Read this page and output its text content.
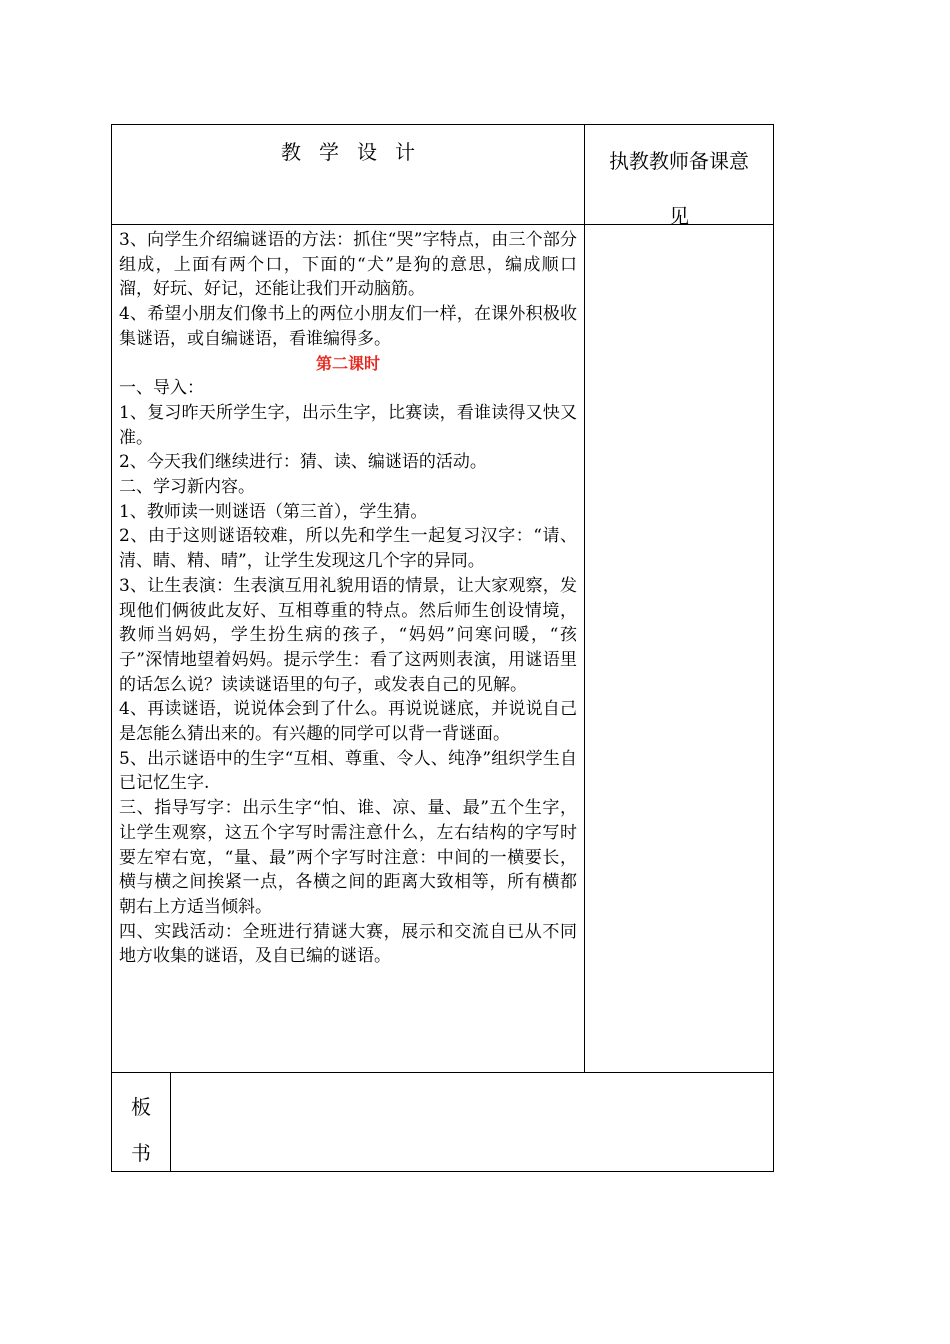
教 学 设 计	执教教师备课意
见

3、向学生介绍编谜语的方法：抓住“哭”字特点，由三个部分组成，上面有两个口，下面的“犬”是狗的意思，编成顺口溜，好玩、好记，还能让我们开动脑筋。

4、希望小朋友们像书上的两位小朋友们一样，在课外积极收集谜语，或自编谜语，看谁编得多。

第二课时

一、导入：

1、复习昨天所学生字，出示生字，比赛读，看谁读得又快又准。

2、今天我们继续进行：猜、读、编谜语的活动。

二、学习新内容。

1、教师读一则谜语（第三首），学生猜。

2、由于这则谜语较难，所以先和学生一起复习汉字：“请、清、睛、精、晴”，让学生发现这几个字的异同。

3、让生表演：生表演互用礼貌用语的情景，让大家观察，发现他们俩彼此友好、互相尊重的特点。然后师生创设情境，教师当妈妈，学生扮生病的孩子，“妈妈”问寒问暖，“孩子”深情地望着妈妈。提示学生：看了这两则表演，用谜语里的话怎么说？读读谜语里的句子，或发表自己的见解。

4、再读谜语，说说体会到了什么。再说说谜底，并说说自己是怎能么猜出来的。有兴趣的同学可以背一背谜面。

5、出示谜语中的生字“互相、尊重、令人、纯净”组织学生自已记忆生字.

三、指导写字：出示生字“怕、谁、凉、量、最”五个生字，让学生观察，这五个字写时需注意什么，左右结构的字写时要左窄右宽，“量、最”两个字写时注意：中间的一横要长，横与横之间挨紧一点，各横之间的距离大致相等，所有横都朝右上方适当倾斜。

四、实践活动：全班进行猜谜大赛，展示和交流自已从不同地方收集的谜语，及自已编的谜语。

板
书
